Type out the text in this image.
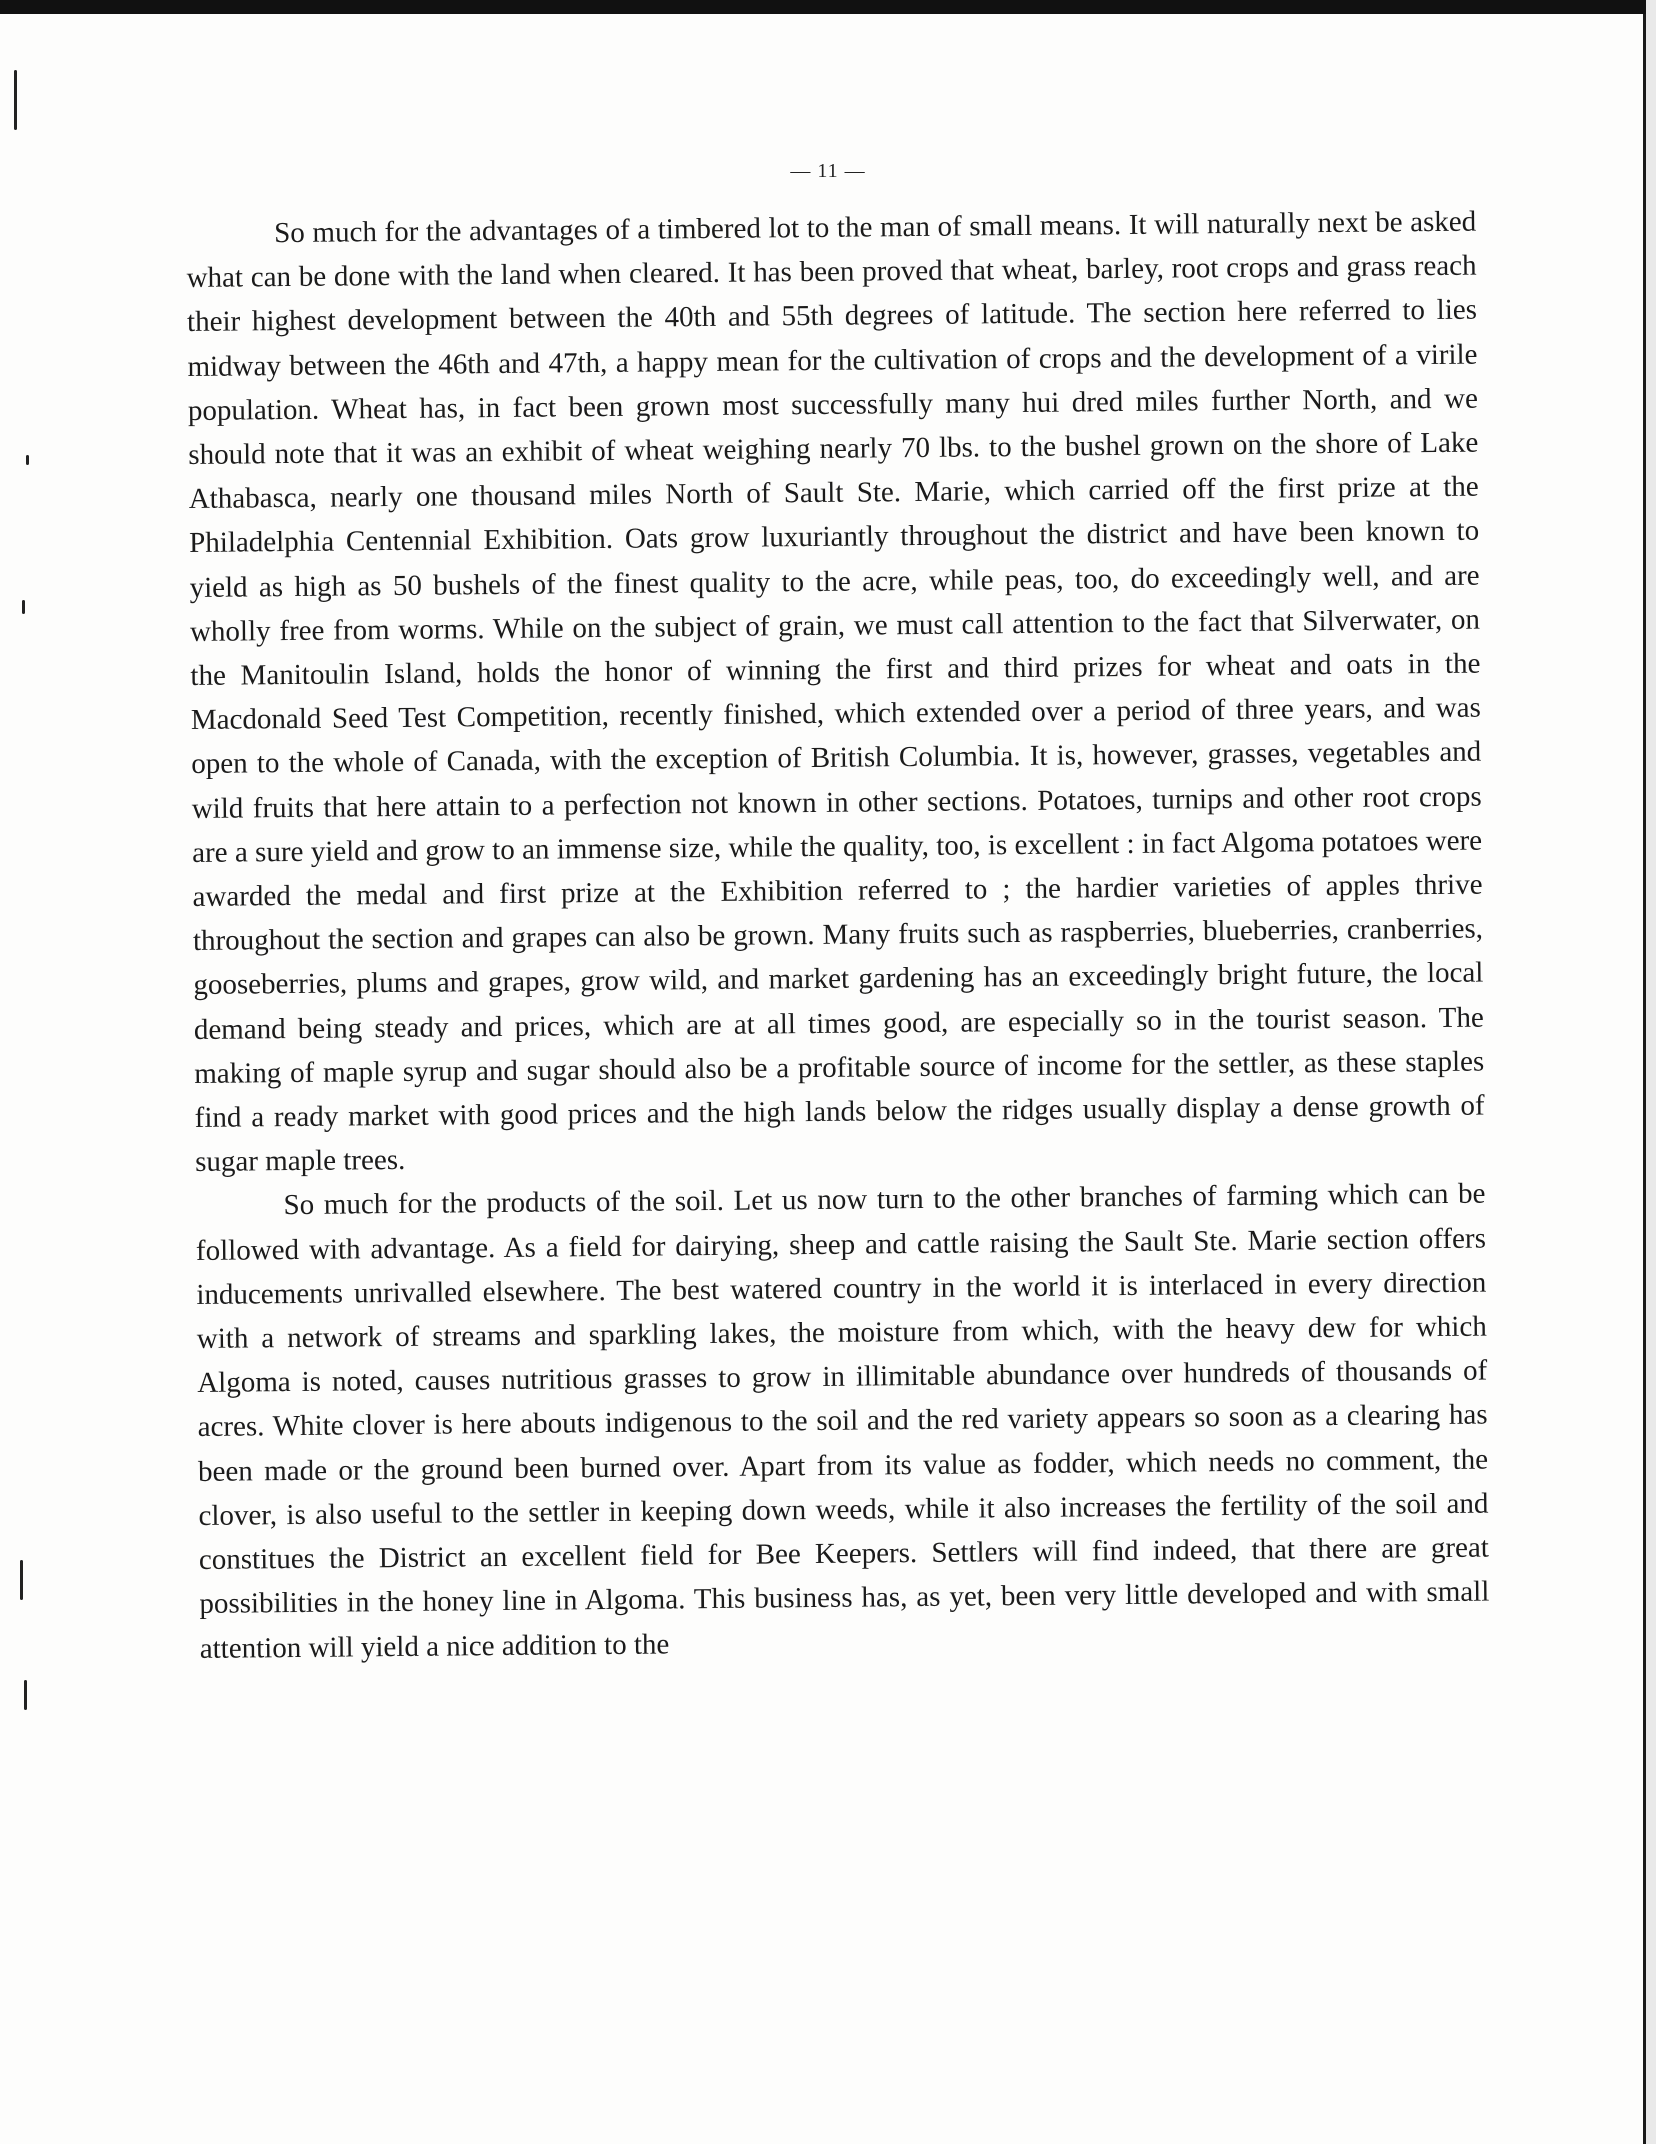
— 11 —

So much for the advantages of a timbered lot to the man of small means. It will naturally next be asked what can be done with the land when cleared. It has been proved that wheat, barley, root crops and grass reach their highest development between the 40th and 55th degrees of latitude. The section here referred to lies midway between the 46th and 47th, a happy mean for the cultivation of crops and the development of a virile population. Wheat has, in fact been grown most successfully many hui dred miles further North, and we should note that it was an exhibit of wheat weighing nearly 70 lbs. to the bushel grown on the shore of Lake Athabasca, nearly one thousand miles North of Sault Ste. Marie, which carried off the first prize at the Philadelphia Centennial Exhibition. Oats grow luxuriantly throughout the district and have been known to yield as high as 50 bushels of the finest quality to the acre, while peas, too, do exceedingly well, and are wholly free from worms. While on the subject of grain, we must call attention to the fact that Silverwater, on the Manitoulin Island, holds the honor of winning the first and third prizes for wheat and oats in the Macdonald Seed Test Competition, recently finished, which extended over a period of three years, and was open to the whole of Canada, with the exception of British Columbia. It is, however, grasses, vegetables and wild fruits that here attain to a perfection not known in other sections. Potatoes, turnips and other root crops are a sure yield and grow to an immense size, while the quality, too, is excellent : in fact Algoma potatoes were awarded the medal and first prize at the Exhibition referred to ; the hardier varieties of apples thrive throughout the section and grapes can also be grown. Many fruits such as raspberries, blueberries, cranberries, gooseberries, plums and grapes, grow wild, and market gardening has an exceedingly bright future, the local demand being steady and prices, which are at all times good, are especially so in the tourist season. The making of maple syrup and sugar should also be a profitable source of income for the settler, as these staples find a ready market with good prices and the high lands below the ridges usually display a dense growth of sugar maple trees.

So much for the products of the soil. Let us now turn to the other branches of farming which can be followed with advantage. As a field for dairying, sheep and cattle raising the Sault Ste. Marie section offers inducements unrivalled elsewhere. The best watered country in the world it is interlaced in every direction with a network of streams and sparkling lakes, the moisture from which, with the heavy dew for which Algoma is noted, causes nutritious grasses to grow in illimitable abundance over hundreds of thousands of acres. White clover is here abouts indigenous to the soil and the red variety appears so soon as a clearing has been made or the ground been burned over. Apart from its value as fodder, which needs no comment, the clover, is also useful to the settler in keeping down weeds, while it also increases the fertility of the soil and constitues the District an excellent field for Bee Keepers. Settlers will find indeed, that there are great possibilities in the honey line in Algoma. This business has, as yet, been very little developed and with small attention will yield a nice addition to the
